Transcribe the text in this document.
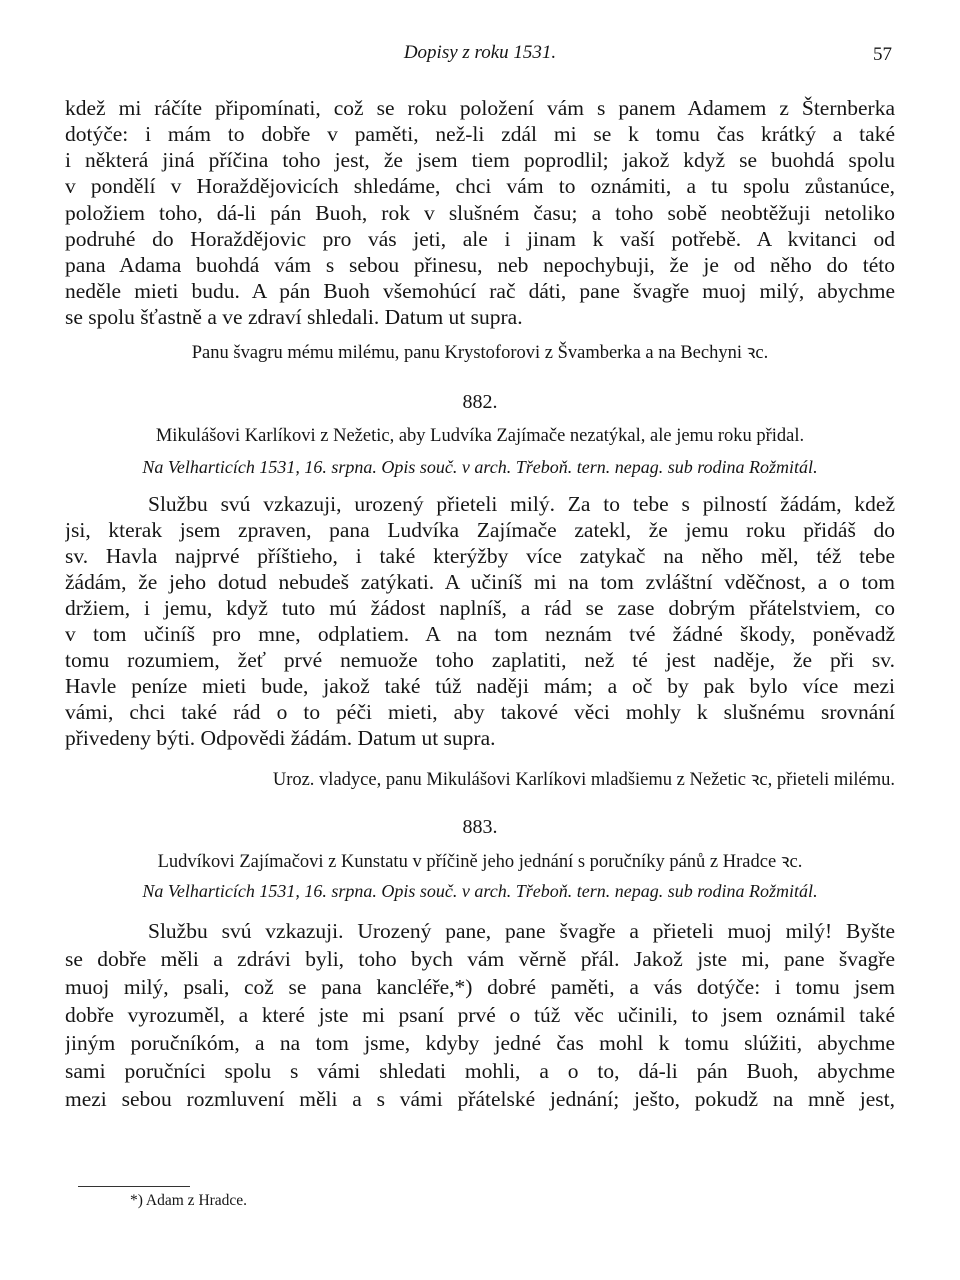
Dopisy z roku 1531.	57
kdež mi ráčíte připomínati, což se roku položení vám s panem Adamem z Šternberka
dotýče: i mám to dobře v paměti, než-li zdál mi se k tomu čas krátký a také
i některá jiná příčina toho jest, že jsem tiem poprodlil; jakož když se buohdá spolu
v pondělí v Horaždějovicích shledáme, chci vám to oznámiti, a tu spolu zůstanúce,
položiem toho, dá-li pán Buoh, rok v slušném času; a toho sobě neobtěžuji netoliko
podruhé do Horaždějovic pro vás jeti, ale i jinam k vaší potřebě. A kvitanci od
pana Adama buohdá vám s sebou přinesu, neb nepochybuji, že je od něho do této
neděle mieti budu. A pán Buoh všemohúcí rač dáti, pane švagře muoj milý, abychme
se spolu šťastně a ve zdraví shledali. Datum ut supra.
Panu švagru mému milému, panu Krystoforovi z Švamberka a na Bechyni ꝛc.
882.
Mikulášovi Karlíkovi z Nežetic, aby Ludvíka Zajímače nezatýkal, ale jemu roku přidal.
Na Velharticích 1531, 16. srpna. Opis souč. v arch. Třeboň. tern. nepag. sub rodina Rožmitál.
Službu svú vzkazuji, urozený přieteli milý. Za to tebe s pilností žádám, kdež
jsi, kterak jsem zpraven, pana Ludvíka Zajímače zatekl, že jemu roku přidáš do
sv. Havla najprvé příštieho, i také kterýžby více zatykač na něho měl, též tebe
žádám, že jeho dotud nebudeš zatýkati. A učiníš mi na tom zvláštní vděčnost, a o tom
držiem, i jemu, když tuto mú žádost naplníš, a rád se zase dobrým přátelstviem, co
v tom učiníš pro mne, odplatiem. A na tom neznám tvé žádné škody, poněvadž
tomu rozumiem, žeť prvé nemuože toho zaplatiti, než té jest naděje, že při sv.
Havle peníze mieti bude, jakož také túž naději mám; a oč by pak bylo více mezi
vámi, chci také rád o to péči mieti, aby takové věci mohly k slušnému srovnání
přivedeny býti. Odpovědi žádám. Datum ut supra.
Uroz. vladyce, panu Mikulášovi Karlíkovi mladšiemu z Nežetic ꝛc, přieteli milému.
883.
Ludvíkovi Zajímačovi z Kunstatu v příčině jeho jednání s poručníky pánů z Hradce ꝛc.
Na Velharticích 1531, 16. srpna. Opis souč. v arch. Třeboň. tern. nepag. sub rodina Rožmitál.
Službu svú vzkazuji. Urozený pane, pane švagře a přieteli muoj milý! Byšte
se dobře měli a zdrávi byli, toho bych vám věrně přál. Jakož jste mi, pane švagře
muoj milý, psali, což se pana kancléře,*) dobré paměti, a vás dotýče: i tomu jsem
dobře vyrozuměl, a které jste mi psaní prvé o túž věc učinili, to jsem oznámil také
jiným poručníkóm, a na tom jsme, kdyby jedné čas mohl k tomu slúžiti, abychme
sami poručníci spolu s vámi shledati mohli, a o to, dá-li pán Buoh, abychme
mezi sebou rozmluvení měli a s vámi přátelské jednání; ješto, pokudž na mně jest,
*) Adam z Hradce.
